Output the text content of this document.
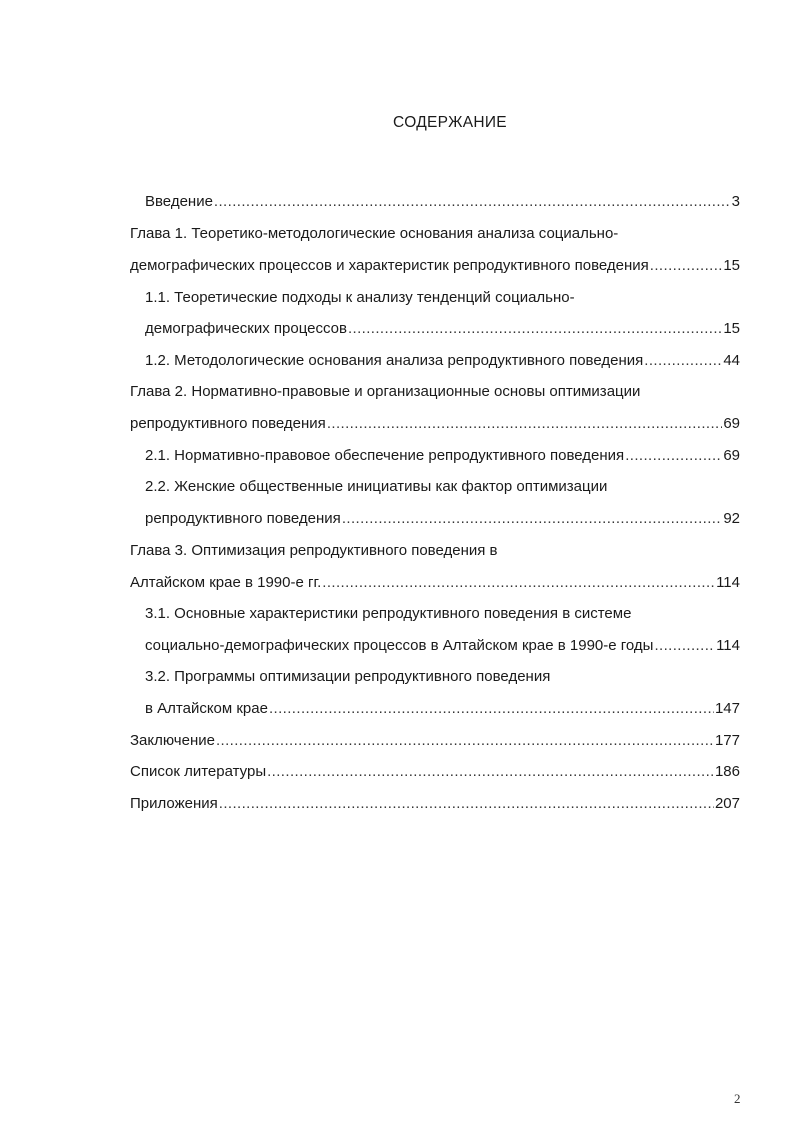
СОДЕРЖАНИЕ
Введение .....	3
Глава 1. Теоретико-методологические основания анализа социально-
демографических процессов и характеристик репродуктивного поведения .....	15
1.1. Теоретические подходы к анализу тенденций социально-
демографических процессов .....	15
1.2. Методологические основания анализа репродуктивного поведения .....	44
Глава 2. Нормативно-правовые и организационные основы оптимизации
репродуктивного поведения .....	69
2.1. Нормативно-правовое обеспечение репродуктивного поведения .....	69
2.2. Женские общественные инициативы как фактор оптимизации
репродуктивного поведения .....	92
Глава 3. Оптимизация репродуктивного поведения в
Алтайском крае в 1990-е гг. .....	114
3.1. Основные характеристики репродуктивного поведения в системе
социально-демографических процессов в Алтайском крае в 1990-е годы .....	114
3.2. Программы оптимизации репродуктивного поведения
в Алтайском крае .....	147
Заключение .....	177
Список литературы .....	186
Приложения .....	207
2
